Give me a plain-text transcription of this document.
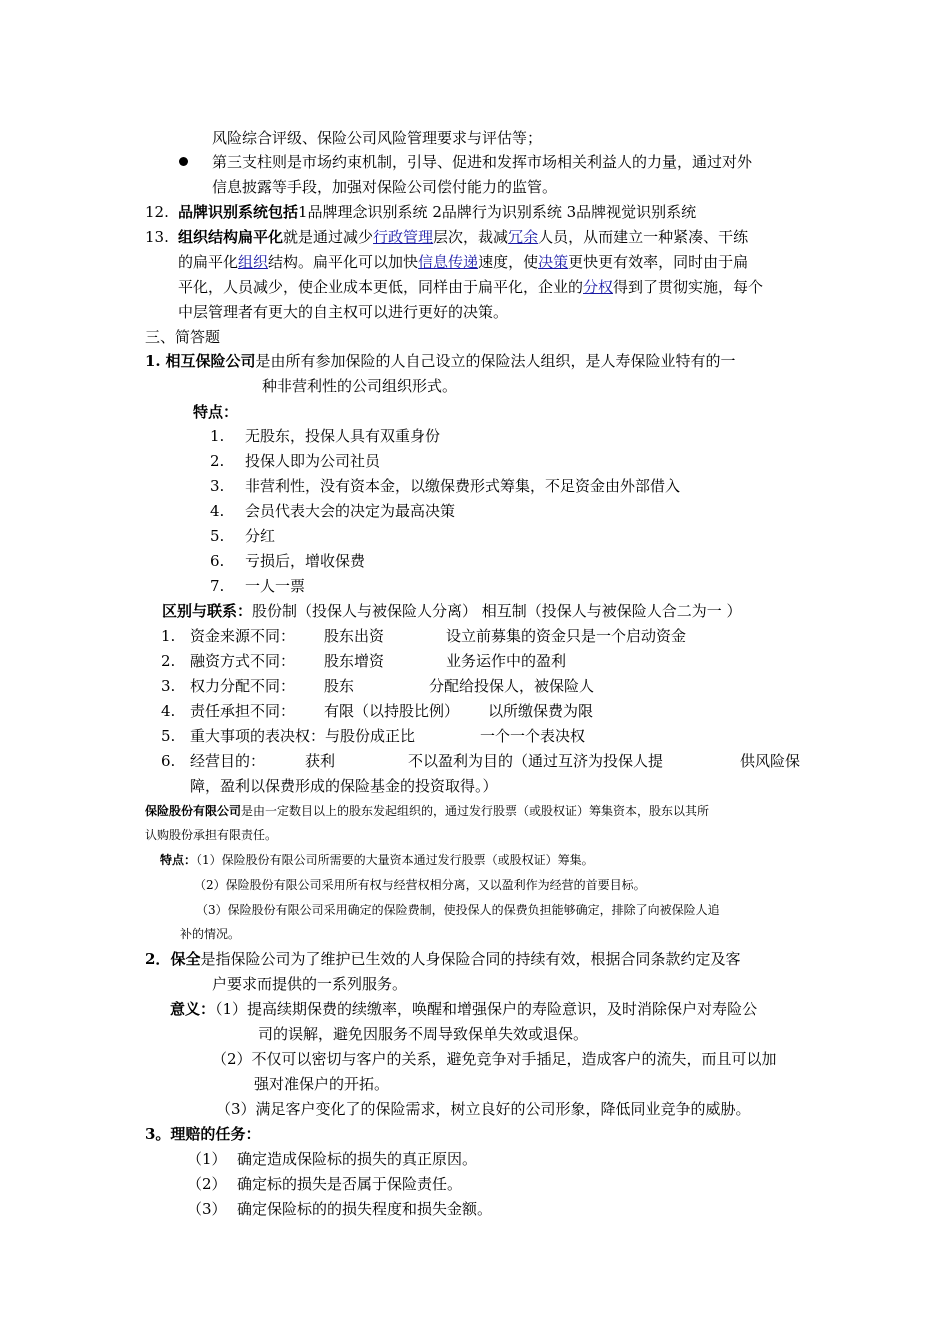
风险综合评级、保险公司风险管理要求与评估等；
第三支柱则是市场约束机制，引导、促进和发挥市场相关利益人的力量，通过对外
信息披露等手段，加强对保险公司偿付能力的监管。
12. 品牌识别系统包括1品牌理念识别系统 2品牌行为识别系统 3品牌视觉识别系统
13. 组织结构扁平化就是通过减少行政管理层次，裁减冗余人员，从而建立一种紧凑、干练
的扁平化组织结构。扁平化可以加快信息传递速度，使决策更快更有效率，同时由于扁
平化，人员减少，使企业成本更低，同样由于扁平化，企业的分权得到了贯彻实施，每个
中层管理者有更大的自主权可以进行更好的决策。
三、简答题
1. 相互保险公司是由所有参加保险的人自己设立的保险法人组织，是人寿保险业特有的一
种非营利性的公司组织形式。
特点：
1. 无股东，投保人具有双重身份
2. 投保人即为公司社员
3. 非营利性，没有资本金，以缴保费形式筹集，不足资金由外部借入
4. 会员代表大会的决定为最高决策
5. 分红
6. 亏损后，增收保费
7. 一人一票
区别与联系：股份制（投保人与被保险人分离） 相互制（投保人与被保险人合二为一 ）
1. 资金来源不同： 股东出资	设立前募集的资金只是一个启动资金
2. 融资方式不同： 股东增资	业务运作中的盈利
3. 权力分配不同： 股东	分配给投保人，被保险人
4. 责任承担不同： 有限（以持股比例） 以所缴保费为限
5. 重大事项的表决权：与股份成正比	一个一个表决权
6. 经营目的：	获利	不以盈利为目的（通过互济为投保人提	供风险保
障，盈利以保费形成的保险基金的投资取得。）
保险股份有限公司是由一定数目以上的股东发起组织的，通过发行股票（或股权证）筹集资本，股东以其所
认购股份承担有限责任。
特点：（1）保险股份有限公司所需要的大量资本通过发行股票（或股权证）筹集。
（2）保险股份有限公司采用所有权与经营权相分离，又以盈利作为经营的首要目标。
（3）保险股份有限公司采用确定的保险费制，使投保人的保费负担能够确定，排除了向被保险人追
补的情况。
2．保全是指保险公司为了维护已生效的人身保险合同的持续有效，根据合同条款约定及客
户要求而提供的一系列服务。
意义：（1）提高续期保费的续缴率，唤醒和增强保户的寿险意识，及时消除保户对寿险公
司的误解，避免因服务不周导致保单失效或退保。
（2）不仅可以密切与客户的关系，避免竞争对手插足，造成客户的流失，而且可以加
强对准保户的开拓。
（3）满足客户变化了的保险需求，树立良好的公司形象，降低同业竞争的威胁。
3。理赔的任务：
（1） 确定造成保险标的损失的真正原因。
（2） 确定标的损失是否属于保险责任。
（3） 确定保险标的的损失程度和损失金额。
